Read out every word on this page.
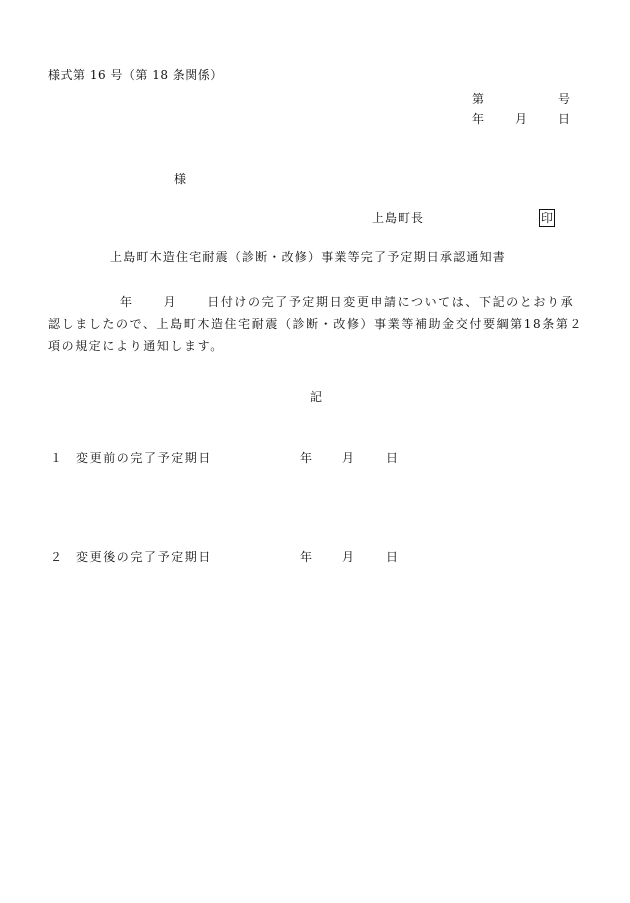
様式第 16 号（第 18 条関係）
第	号
年	月	日
様
上島町長	印
上島町木造住宅耐震（診断・改修）事業等完了予定期日承認通知書

年	月	日付けの完了予定期日変更申請については、下記のとおり承
認しましたので、上島町木造住宅耐震（診断・改修）事業等補助金交付要綱第18条第２
項の規定により通知します。

記
１ 変更前の完了予定期日	年 月	日
２ 変更後の完了予定期日	年 月	日
